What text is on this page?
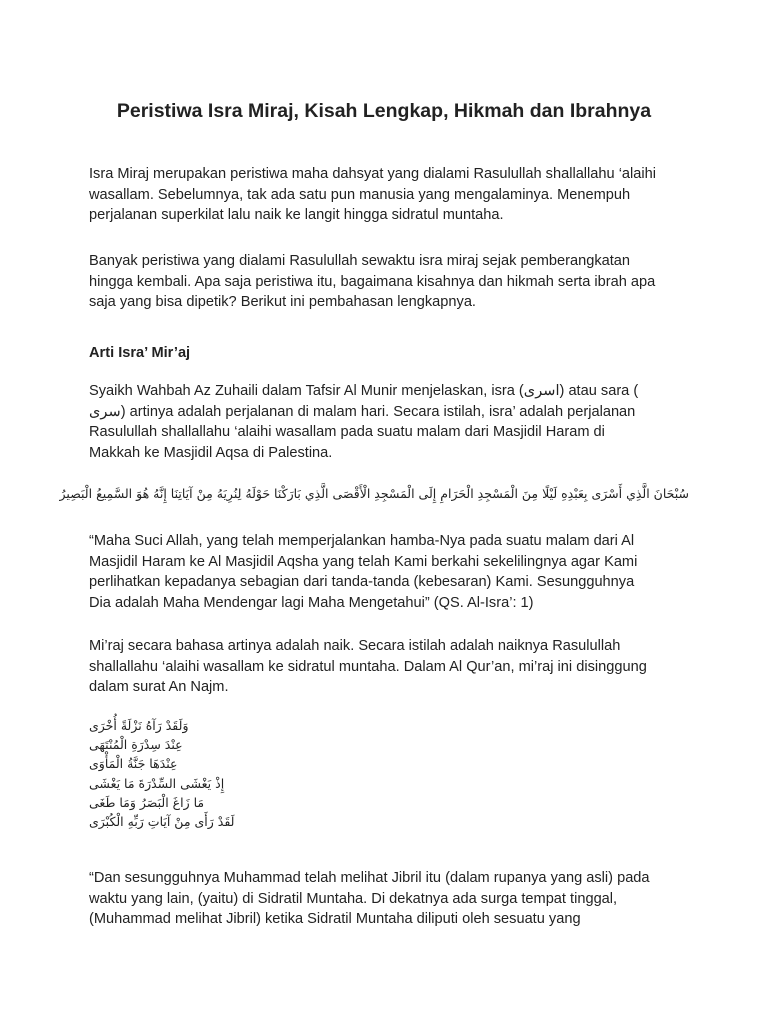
Peristiwa Isra Miraj, Kisah Lengkap, Hikmah dan Ibrahnya

Isra Miraj merupakan peristiwa maha dahsyat yang dialami Rasulullah shallallahu ‘alaihi
wasallam. Sebelumnya, tak ada satu pun manusia yang mengalaminya. Menempuh
perjalanan superkilat lalu naik ke langit hingga sidratul muntaha.

Banyak peristiwa yang dialami Rasulullah sewaktu isra miraj sejak pemberangkatan
hingga kembali. Apa saja peristiwa itu, bagaimana kisahnya dan hikmah serta ibrah apa
saja yang bisa dipetik? Berikut ini pembahasan lengkapnya.

Arti Isra’ Mir’aj

Syaikh Wahbah Az Zuhaili dalam Tafsir Al Munir menjelaskan, isra (اسرى) atau sara (
سرى) artinya adalah perjalanan di malam hari. Secara istilah, isra’ adalah perjalanan
Rasulullah shallallahu ‘alaihi wasallam pada suatu malam dari Masjidil Haram di
Makkah ke Masjidil Aqsa di Palestina.

سُبْحَانَ الَّذِي أَسْرَى بِعَبْدِهِ لَيْلًا مِنَ الْمَسْجِدِ الْحَرَامِ إِلَى الْمَسْجِدِ الْأَقْصَى الَّذِي بَارَكْنَا حَوْلَهُ لِنُرِيَهُ مِنْ آيَاتِنَا إِنَّهُ هُوَ السَّمِيعُ الْبَصِيرُ

“Maha Suci Allah, yang telah memperjalankan hamba-Nya pada suatu malam dari Al
Masjidil Haram ke Al Masjidil Aqsha yang telah Kami berkahi sekelilingnya agar Kami
perlihatkan kepadanya sebagian dari tanda-tanda (kebesaran) Kami. Sesungguhnya
Dia adalah Maha Mendengar lagi Maha Mengetahui” (QS. Al-Isra’: 1)

Mi’raj secara bahasa artinya adalah naik. Secara istilah adalah naiknya Rasulullah
shallallahu ‘alaihi wasallam ke sidratul muntaha. Dalam Al Qur’an, mi’raj ini disinggung
dalam surat An Najm.

وَلَقَدْ رَآهُ نَزْلَةً أُخْرَى
عِنْدَ سِدْرَةِ الْمُنْتَهَى
عِنْدَهَا جَنَّةُ الْمَأْوَى
إِذْ يَغْشَى السِّدْرَةَ مَا يَغْشَى
مَا زَاغَ الْبَصَرُ وَمَا طَغَى
لَقَدْ رَأَى مِنْ آيَاتِ رَبِّهِ الْكُبْرَى

“Dan sesungguhnya Muhammad telah melihat Jibril itu (dalam rupanya yang asli) pada
waktu yang lain, (yaitu) di Sidratil Muntaha. Di dekatnya ada surga tempat tinggal,
(Muhammad melihat Jibril) ketika Sidratil Muntaha diliputi oleh sesuatu yang
